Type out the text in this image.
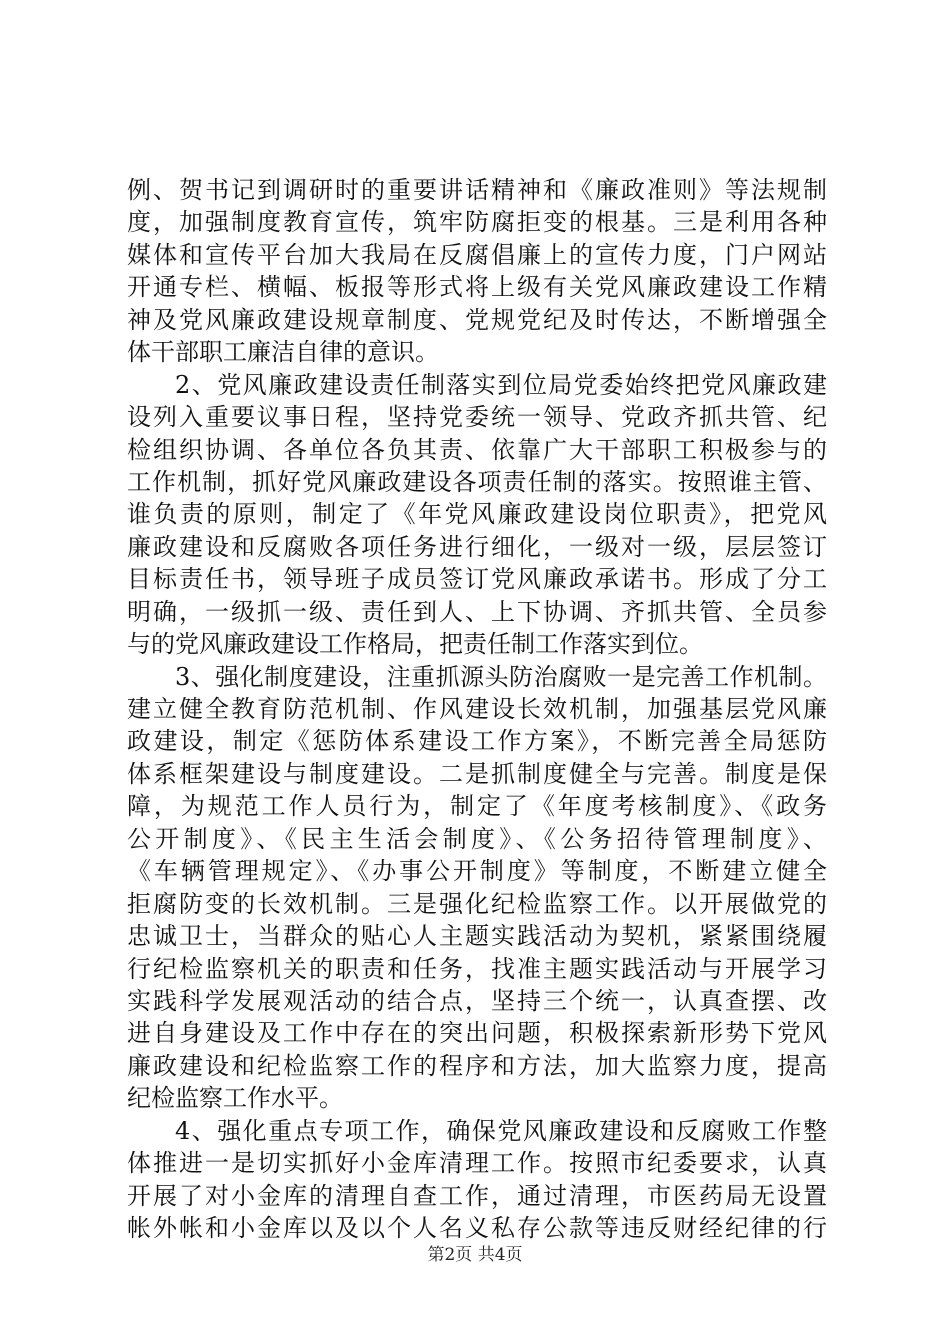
例、贺书记到调研时的重要讲话精神和《廉政准则》等法规制
度，加强制度教育宣传，筑牢防腐拒变的根基。三是利用各种
媒体和宣传平台加大我局在反腐倡廉上的宣传力度，门户网站
开通专栏、横幅、板报等形式将上级有关党风廉政建设工作精
神及党风廉政建设规章制度、党规党纪及时传达，不断增强全
体干部职工廉洁自律的意识。
2、党风廉政建设责任制落实到位局党委始终把党风廉政建
设列入重要议事日程，坚持党委统一领导、党政齐抓共管、纪
检组织协调、各单位各负其责、依靠广大干部职工积极参与的
工作机制，抓好党风廉政建设各项责任制的落实。按照谁主管、
谁负责的原则，制定了《年党风廉政建设岗位职责》，把党风
廉政建设和反腐败各项任务进行细化，一级对一级，层层签订
目标责任书，领导班子成员签订党风廉政承诺书。形成了分工
明确，一级抓一级、责任到人、上下协调、齐抓共管、全员参
与的党风廉政建设工作格局，把责任制工作落实到位。
3、强化制度建设，注重抓源头防治腐败一是完善工作机制。
建立健全教育防范机制、作风建设长效机制，加强基层党风廉
政建设，制定《惩防体系建设工作方案》，不断完善全局惩防
体系框架建设与制度建设。二是抓制度健全与完善。制度是保
障，为规范工作人员行为，制定了《年度考核制度》、《政务
公开制度》、《民主生活会制度》、《公务招待管理制度》、
《车辆管理规定》、《办事公开制度》等制度，不断建立健全
拒腐防变的长效机制。三是强化纪检监察工作。以开展做党的
忠诚卫士，当群众的贴心人主题实践活动为契机，紧紧围绕履
行纪检监察机关的职责和任务，找准主题实践活动与开展学习
实践科学发展观活动的结合点，坚持三个统一，认真查摆、改
进自身建设及工作中存在的突出问题，积极探索新形势下党风
廉政建设和纪检监察工作的程序和方法，加大监察力度，提高
纪检监察工作水平。
4、强化重点专项工作，确保党风廉政建设和反腐败工作整
体推进一是切实抓好小金库清理工作。按照市纪委要求，认真
开展了对小金库的清理自查工作，通过清理，市医药局无设置
帐外帐和小金库以及以个人名义私存公款等违反财经纪律的行
第2页 共4页
